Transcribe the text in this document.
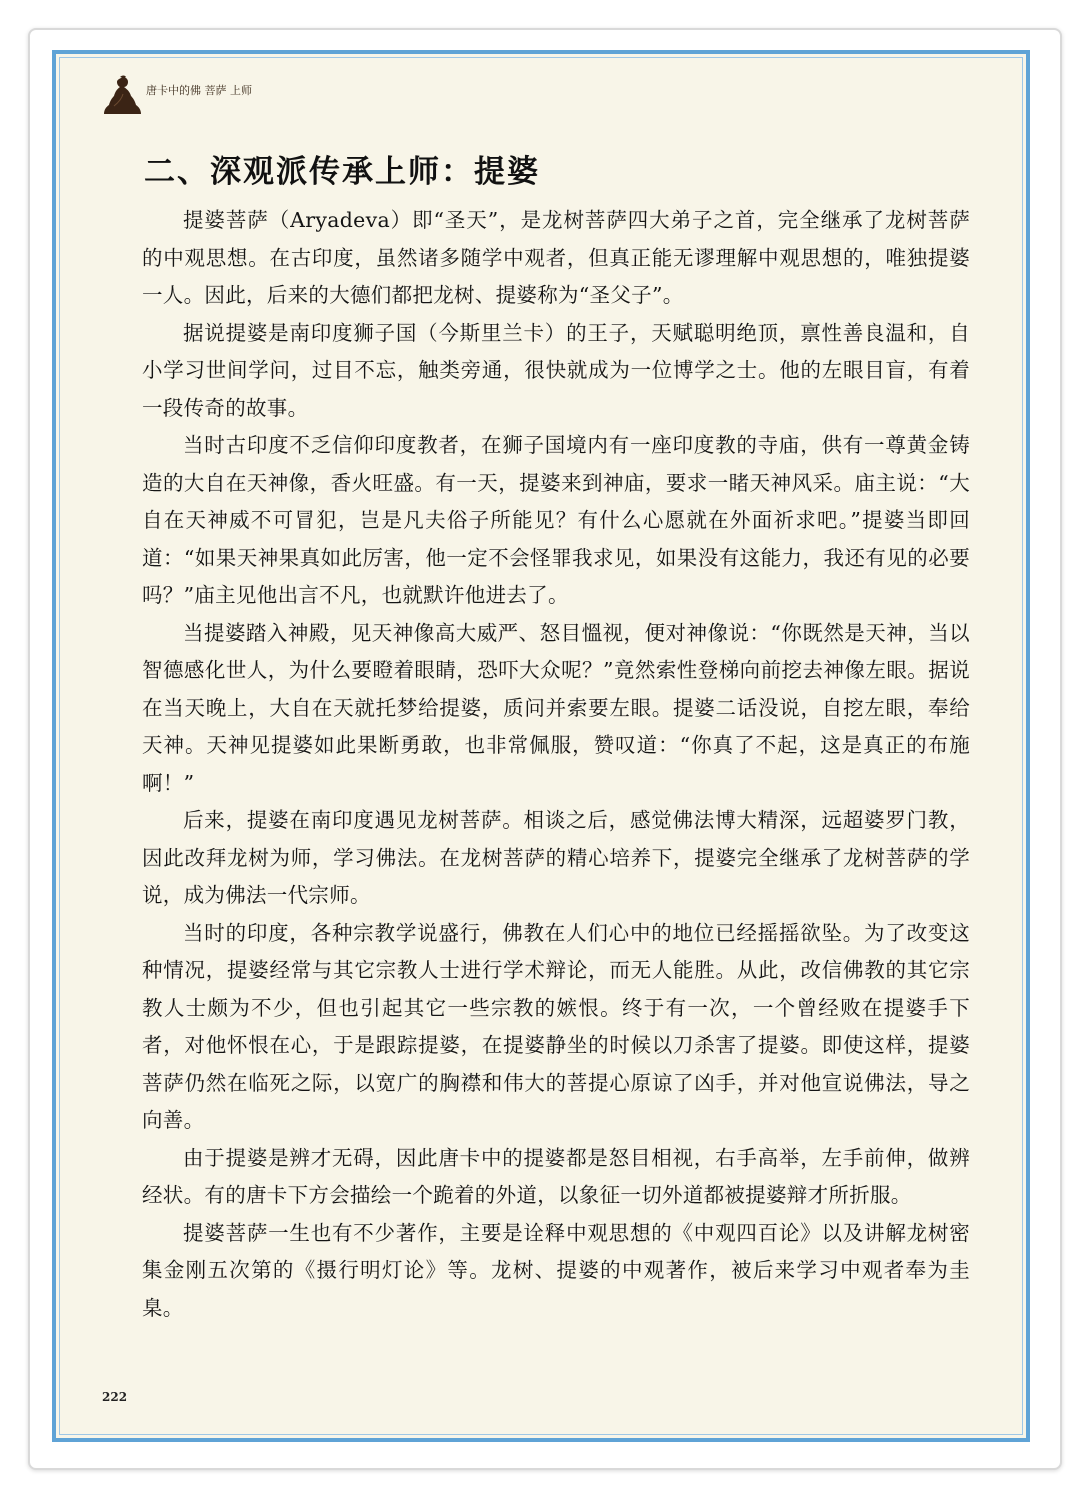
唐卡中的佛 菩萨 上师
二、深观派传承上师：提婆

提婆菩萨（Aryadeva）即“圣天”，是龙树菩萨四大弟子之首，完全继承了龙树菩萨的中观思想。在古印度，虽然诸多随学中观者，但真正能无谬理解中观思想的，唯独提婆一人。因此，后来的大德们都把龙树、提婆称为“圣父子”。

据说提婆是南印度狮子国（今斯里兰卡）的王子，天赋聪明绝顶，禀性善良温和，自小学习世间学问，过目不忘，触类旁通，很快就成为一位博学之士。他的左眼目盲，有着一段传奇的故事。

当时古印度不乏信仰印度教者，在狮子国境内有一座印度教的寺庙，供有一尊黄金铸造的大自在天神像，香火旺盛。有一天，提婆来到神庙，要求一睹天神风采。庙主说：“大自在天神威不可冒犯，岂是凡夫俗子所能见？有什么心愿就在外面祈求吧。”提婆当即回道：“如果天神果真如此厉害，他一定不会怪罪我求见，如果没有这能力，我还有见的必要吗？”庙主见他出言不凡，也就默许他进去了。

当提婆踏入神殿，见天神像高大威严、怒目慍视，便对神像说：“你既然是天神，当以智德感化世人，为什么要瞪着眼睛，恐吓大众呢？”竟然索性登梯向前挖去神像左眼。据说在当天晚上，大自在天就托梦给提婆，质问并索要左眼。提婆二话没说，自挖左眼，奉给天神。天神见提婆如此果断勇敢，也非常佩服，赞叹道：“你真了不起，这是真正的布施啊！”

后来，提婆在南印度遇见龙树菩萨。相谈之后，感觉佛法博大精深，远超婆罗门教，因此改拜龙树为师，学习佛法。在龙树菩萨的精心培养下，提婆完全继承了龙树菩萨的学说，成为佛法一代宗师。

当时的印度，各种宗教学说盛行，佛教在人们心中的地位已经摇摇欲坠。为了改变这种情况，提婆经常与其它宗教人士进行学术辩论，而无人能胜。从此，改信佛教的其它宗教人士颇为不少，但也引起其它一些宗教的嫉恨。终于有一次，一个曾经败在提婆手下者，对他怀恨在心，于是跟踪提婆，在提婆静坐的时候以刀杀害了提婆。即使这样，提婆菩萨仍然在临死之际，以宽广的胸襟和伟大的菩提心原谅了凶手，并对他宣说佛法，导之向善。

由于提婆是辨才无碍，因此唐卡中的提婆都是怒目相视，右手高举，左手前伸，做辨经状。有的唐卡下方会描绘一个跪着的外道，以象征一切外道都被提婆辩才所折服。

提婆菩萨一生也有不少著作，主要是诠释中观思想的《中观四百论》以及讲解龙树密集金刚五次第的《摄行明灯论》等。龙树、提婆的中观著作，被后来学习中观者奉为圭臬。

222
